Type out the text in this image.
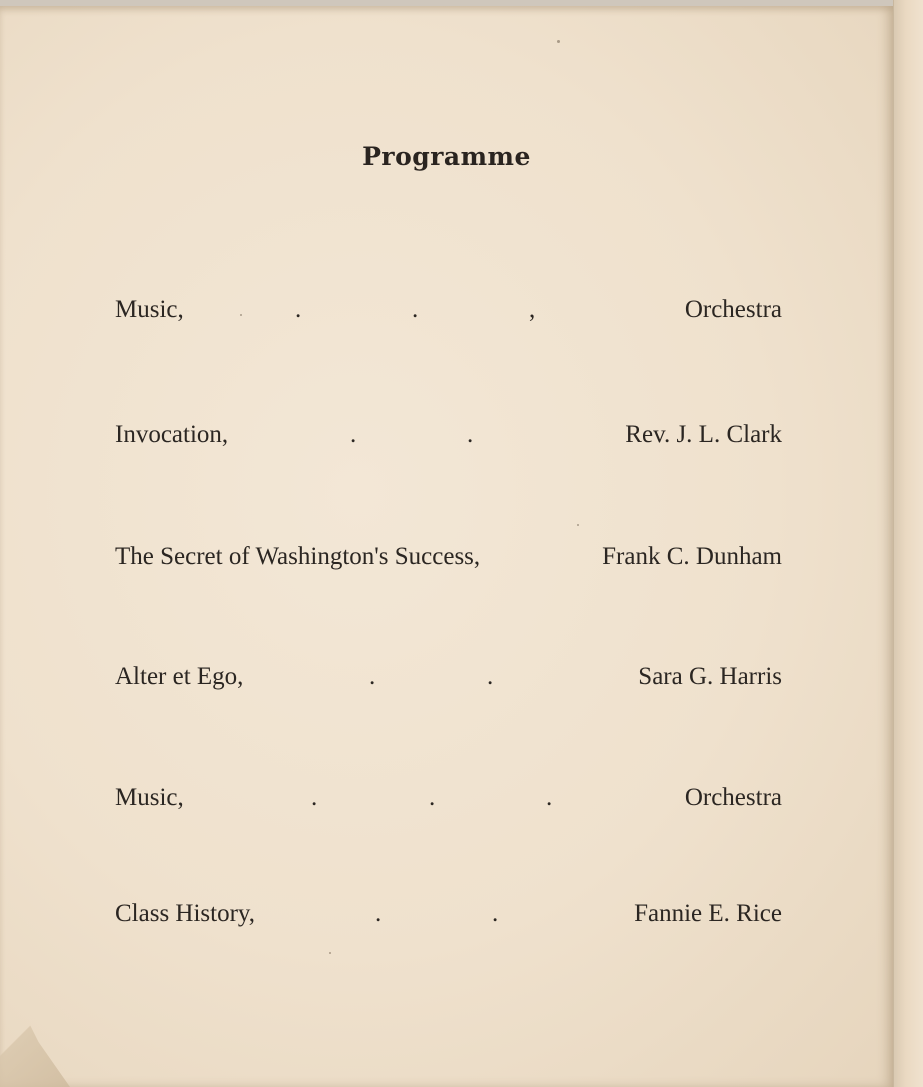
Programme
Music,	.	.	,	Orchestra
Invocation,	.	.	Rev. J. L. Clark
The Secret of Washington's Success,	Frank C. Dunham
Alter et Ego,	.	.	Sara G. Harris
Music,	.	.	.	Orchestra
Class History,	.	.	Fannie E. Rice
